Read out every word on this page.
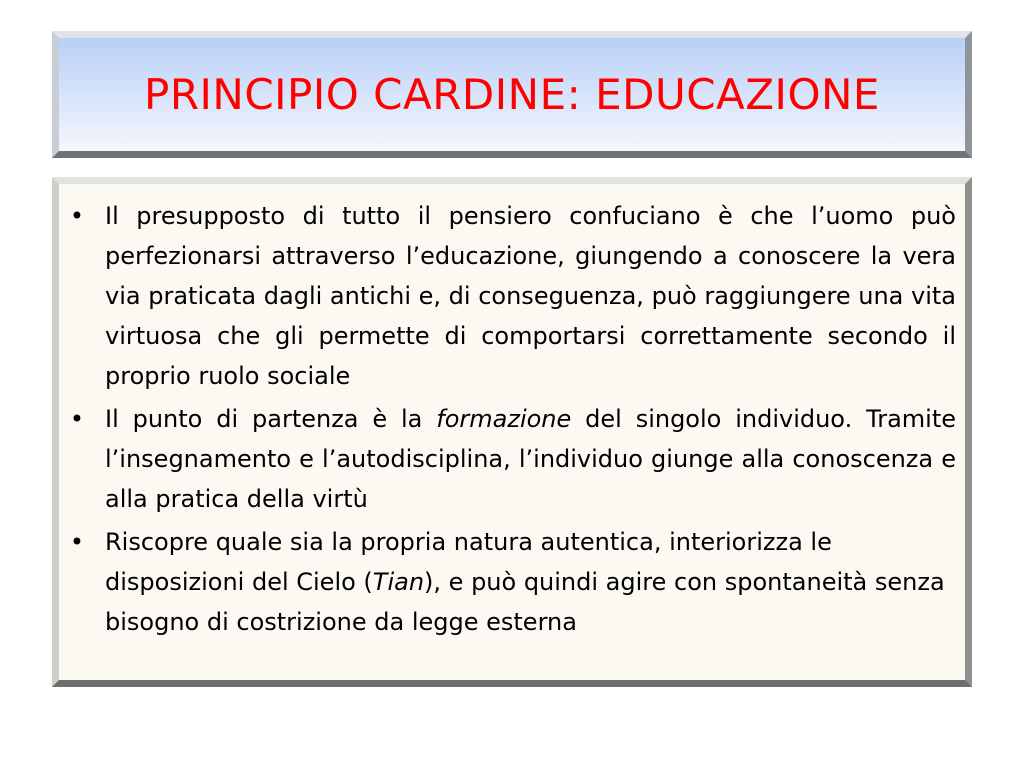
PRINCIPIO CARDINE: EDUCAZIONE
• Il presupposto di tutto il pensiero confuciano è che l’uomo può perfezionarsi attraverso l’educazione, giungendo a conoscere la vera via praticata dagli antichi e, di conseguenza, può raggiungere una vita virtuosa che gli permette di comportarsi correttamente secondo il proprio ruolo sociale
• Il punto di partenza è la formazione del singolo individuo. Tramite l’insegnamento e l’autodisciplina, l’individuo giunge alla conoscenza e alla pratica della virtù
• Riscopre quale sia la propria natura autentica, interiorizza le disposizioni del Cielo (Tian), e può quindi agire con spontaneità senza bisogno di costrizione da legge esterna
